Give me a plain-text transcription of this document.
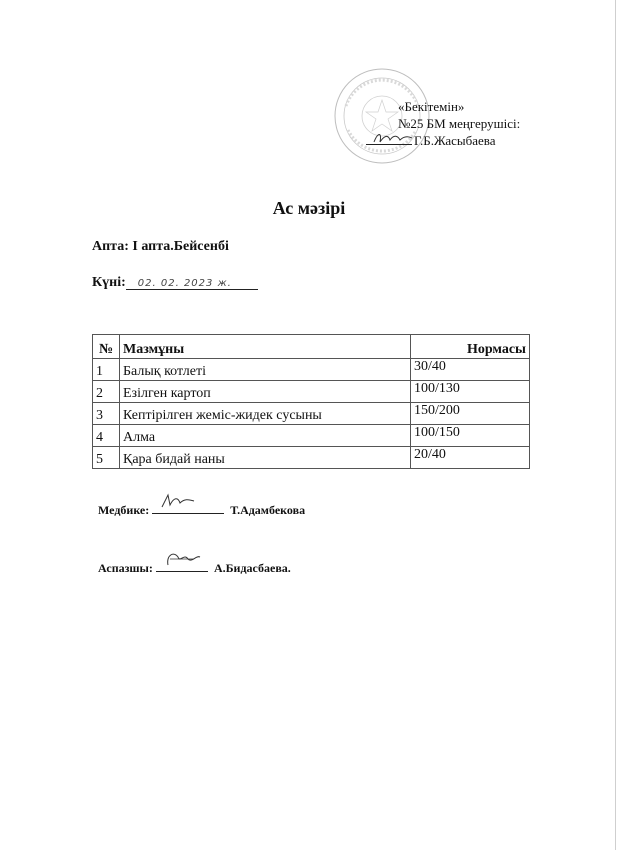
«Бекітемін»
№25 БМ меңгерушісі:
Г.Б.Жасыбаева
Ас мәзірі
Апта: І апта.Бейсенбі
Күні: 02. 02. 2023 ж.
№	Мазмұны	Нормасы
1	Балық котлеті	30/40
2	Езілген картоп	100/130
3	Кептірілген жеміс-жидек сусыны	150/200
4	Алма	100/150
5	Қара бидай наны	20/40
Медбике:	Т.Адамбекова
Аспазшы:	А.Бидасбаева.
